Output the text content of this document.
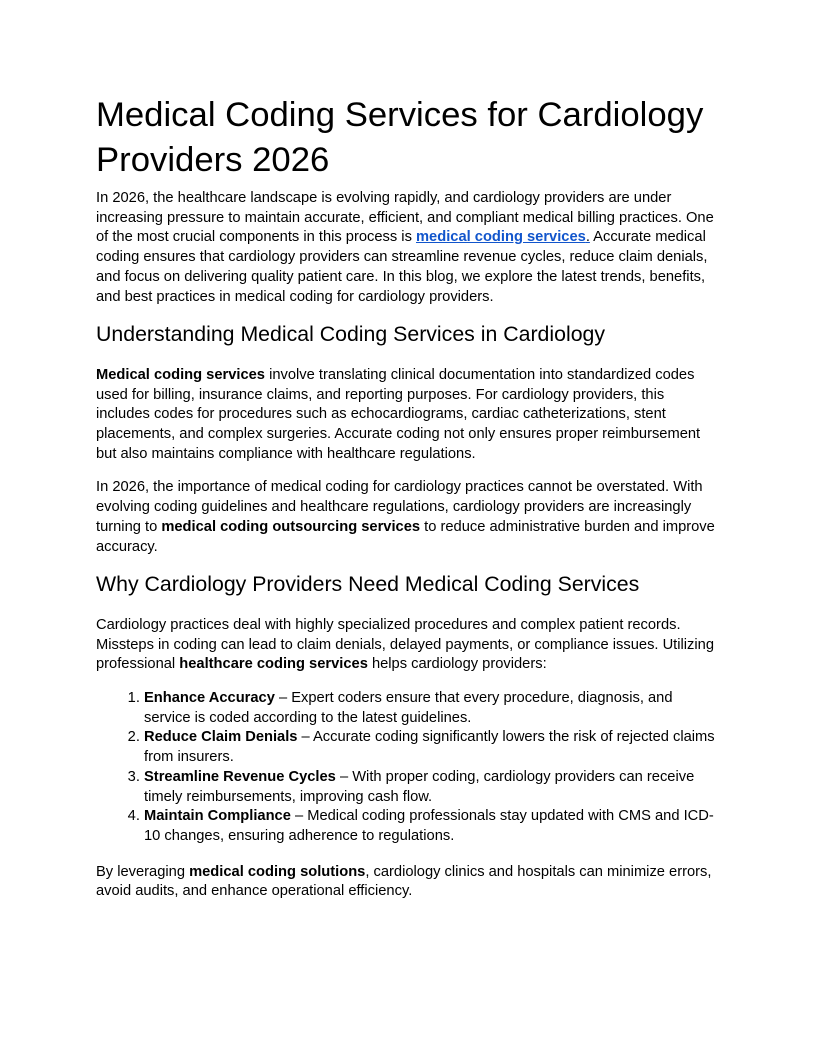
Medical Coding Services for Cardiology Providers 2026

In 2026, the healthcare landscape is evolving rapidly, and cardiology providers are under increasing pressure to maintain accurate, efficient, and compliant medical billing practices. One of the most crucial components in this process is medical coding services. Accurate medical coding ensures that cardiology providers can streamline revenue cycles, reduce claim denials, and focus on delivering quality patient care. In this blog, we explore the latest trends, benefits, and best practices in medical coding for cardiology providers.

Understanding Medical Coding Services in Cardiology

Medical coding services involve translating clinical documentation into standardized codes used for billing, insurance claims, and reporting purposes. For cardiology providers, this includes codes for procedures such as echocardiograms, cardiac catheterizations, stent placements, and complex surgeries. Accurate coding not only ensures proper reimbursement but also maintains compliance with healthcare regulations.

In 2026, the importance of medical coding for cardiology practices cannot be overstated. With evolving coding guidelines and healthcare regulations, cardiology providers are increasingly turning to medical coding outsourcing services to reduce administrative burden and improve accuracy.

Why Cardiology Providers Need Medical Coding Services

Cardiology practices deal with highly specialized procedures and complex patient records. Missteps in coding can lead to claim denials, delayed payments, or compliance issues. Utilizing professional healthcare coding services helps cardiology providers:

1. Enhance Accuracy – Expert coders ensure that every procedure, diagnosis, and service is coded according to the latest guidelines.
2. Reduce Claim Denials – Accurate coding significantly lowers the risk of rejected claims from insurers.
3. Streamline Revenue Cycles – With proper coding, cardiology providers can receive timely reimbursements, improving cash flow.
4. Maintain Compliance – Medical coding professionals stay updated with CMS and ICD-10 changes, ensuring adherence to regulations.

By leveraging medical coding solutions, cardiology clinics and hospitals can minimize errors, avoid audits, and enhance operational efficiency.
